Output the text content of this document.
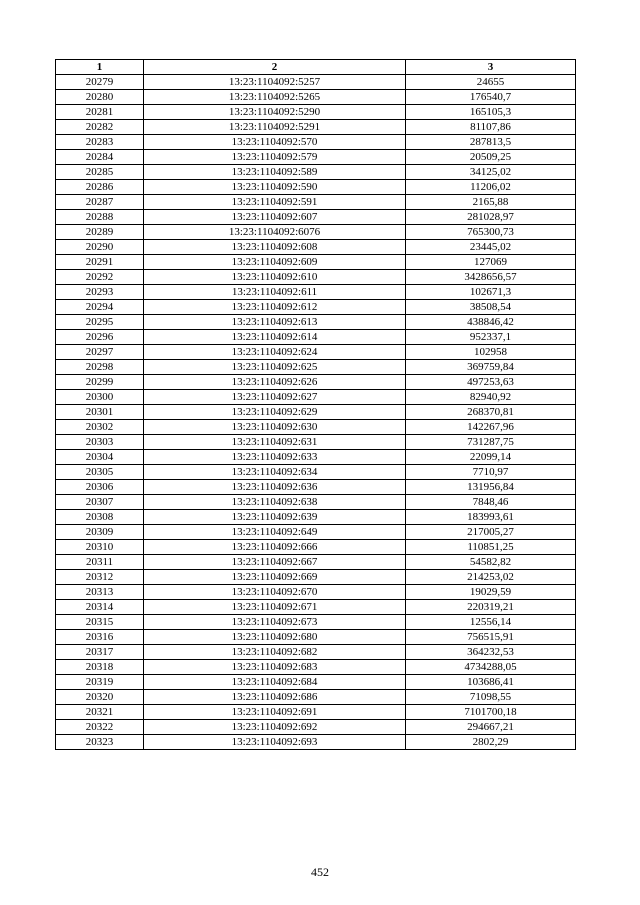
1	2	3
20279	13:23:1104092:5257	24655
20280	13:23:1104092:5265	176540,7
20281	13:23:1104092:5290	165105,3
20282	13:23:1104092:5291	81107,86
20283	13:23:1104092:570	287813,5
20284	13:23:1104092:579	20509,25
20285	13:23:1104092:589	34125,02
20286	13:23:1104092:590	11206,02
20287	13:23:1104092:591	2165,88
20288	13:23:1104092:607	281028,97
20289	13:23:1104092:6076	765300,73
20290	13:23:1104092:608	23445,02
20291	13:23:1104092:609	127069
20292	13:23:1104092:610	3428656,57
20293	13:23:1104092:611	102671,3
20294	13:23:1104092:612	38508,54
20295	13:23:1104092:613	438846,42
20296	13:23:1104092:614	952337,1
20297	13:23:1104092:624	102958
20298	13:23:1104092:625	369759,84
20299	13:23:1104092:626	497253,63
20300	13:23:1104092:627	82940,92
20301	13:23:1104092:629	268370,81
20302	13:23:1104092:630	142267,96
20303	13:23:1104092:631	731287,75
20304	13:23:1104092:633	22099,14
20305	13:23:1104092:634	7710,97
20306	13:23:1104092:636	131956,84
20307	13:23:1104092:638	7848,46
20308	13:23:1104092:639	183993,61
20309	13:23:1104092:649	217005,27
20310	13:23:1104092:666	110851,25
20311	13:23:1104092:667	54582,82
20312	13:23:1104092:669	214253,02
20313	13:23:1104092:670	19029,59
20314	13:23:1104092:671	220319,21
20315	13:23:1104092:673	12556,14
20316	13:23:1104092:680	756515,91
20317	13:23:1104092:682	364232,53
20318	13:23:1104092:683	4734288,05
20319	13:23:1104092:684	103686,41
20320	13:23:1104092:686	71098,55
20321	13:23:1104092:691	7101700,18
20322	13:23:1104092:692	294667,21
20323	13:23:1104092:693	2802,29
452
